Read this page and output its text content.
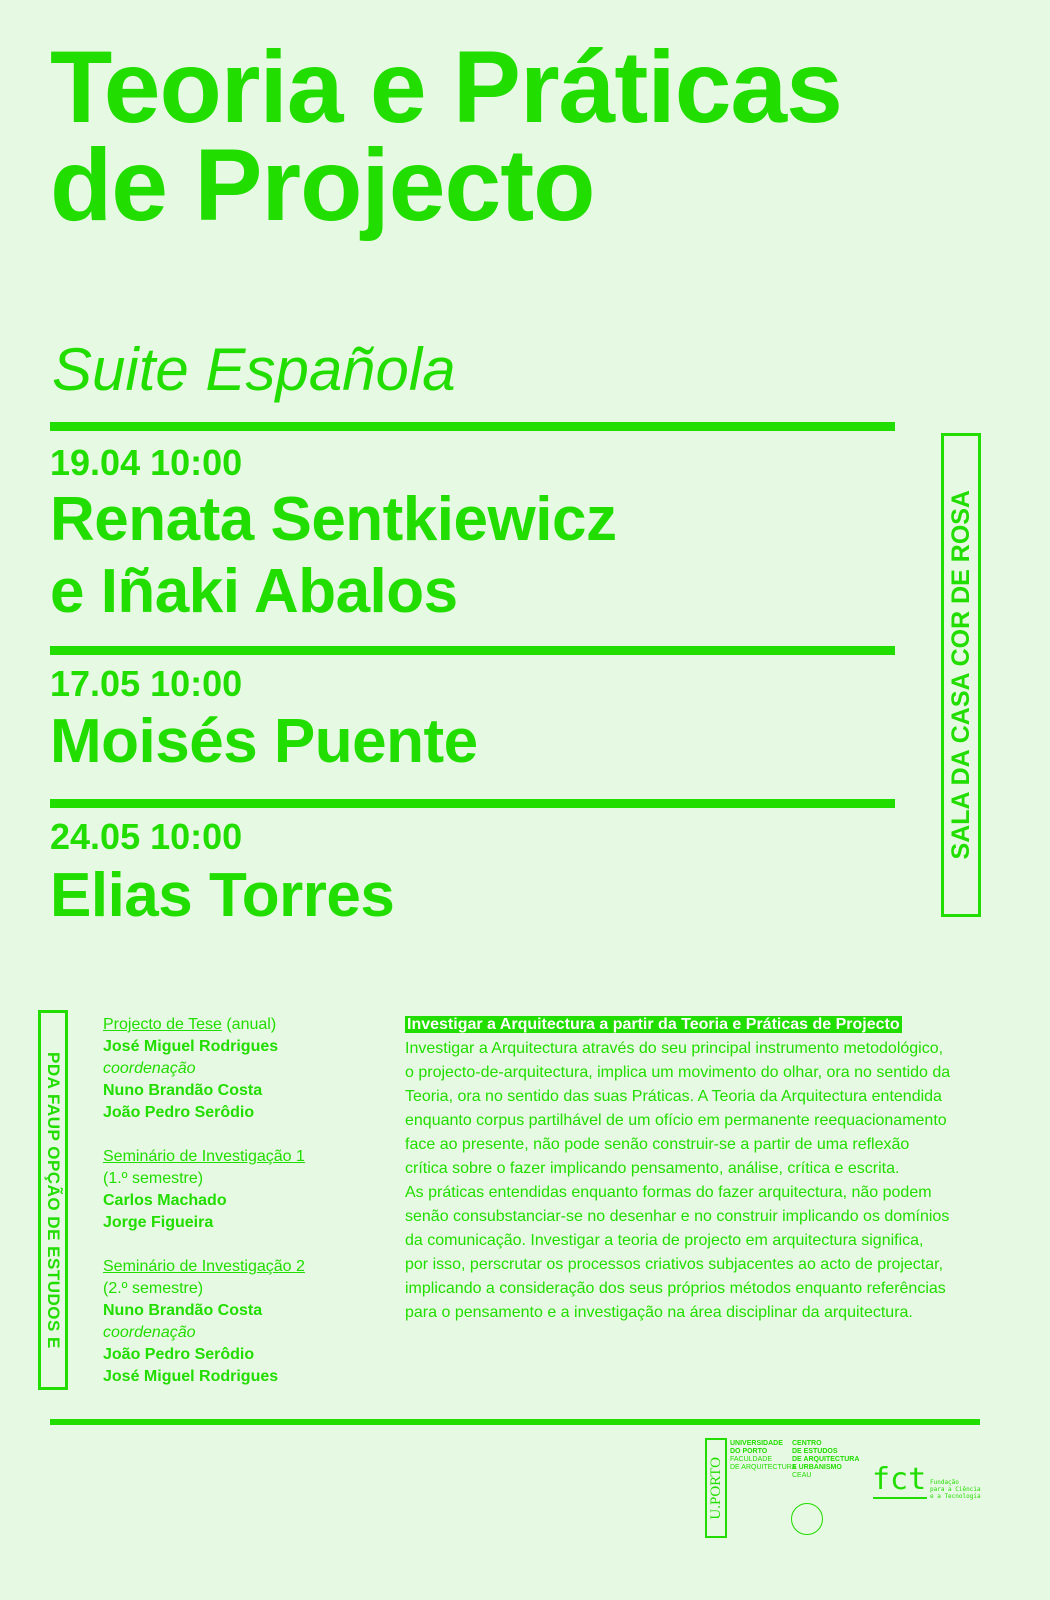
Teoria e Práticas
de Projecto
Suite Española
19.04 10:00
Renata Sentkiewicz
e Iñaki Abalos
17.05 10:00
Moisés Puente
24.05 10:00
Elias Torres
SALA DA CASA COR DE ROSA
PDA FAUP OPÇÃO DE ESTUDOS E
Projecto de Tese (anual)
José Miguel Rodrigues
coordenação
Nuno Brandão Costa
João Pedro Serôdio
Seminário de Investigação 1
(1.º semestre)
Carlos Machado
Jorge Figueira
Seminário de Investigação 2
(2.º semestre)
Nuno Brandão Costa
coordenação
João Pedro Serôdio
José Miguel Rodrigues
Investigar a Arquitectura a partir da Teoria e Práticas de Projecto
Investigar a Arquitectura através do seu principal instrumento metodológico,
o projecto-de-arquitectura, implica um movimento do olhar, ora no sentido da
Teoria, ora no sentido das suas Práticas. A Teoria da Arquitectura entendida
enquanto corpus partilhável de um ofício em permanente reequacionamento
face ao presente, não pode senão construir-se a partir de uma reflexão
crítica sobre o fazer implicando pensamento, análise, crítica e escrita.
As práticas entendidas enquanto formas do fazer arquitectura, não podem
senão consubstanciar-se no desenhar e no construir implicando os domínios
da comunicação. Investigar a teoria de projecto em arquitectura significa,
por isso, perscrutar os processos criativos subjacentes ao acto de projectar,
implicando a consideração dos seus próprios métodos enquanto referências
para o pensamento e a investigação na área disciplinar da arquitectura.
U.PORTO
UNIVERSIDADE
DO PORTO
FACULDADE
DE ARQUITECTURA
CENTRO
DE ESTUDOS
DE ARQUITECTURA
E URBANISMO
CEAU	fct Fundação
para a Ciência
e a Tecnologia
